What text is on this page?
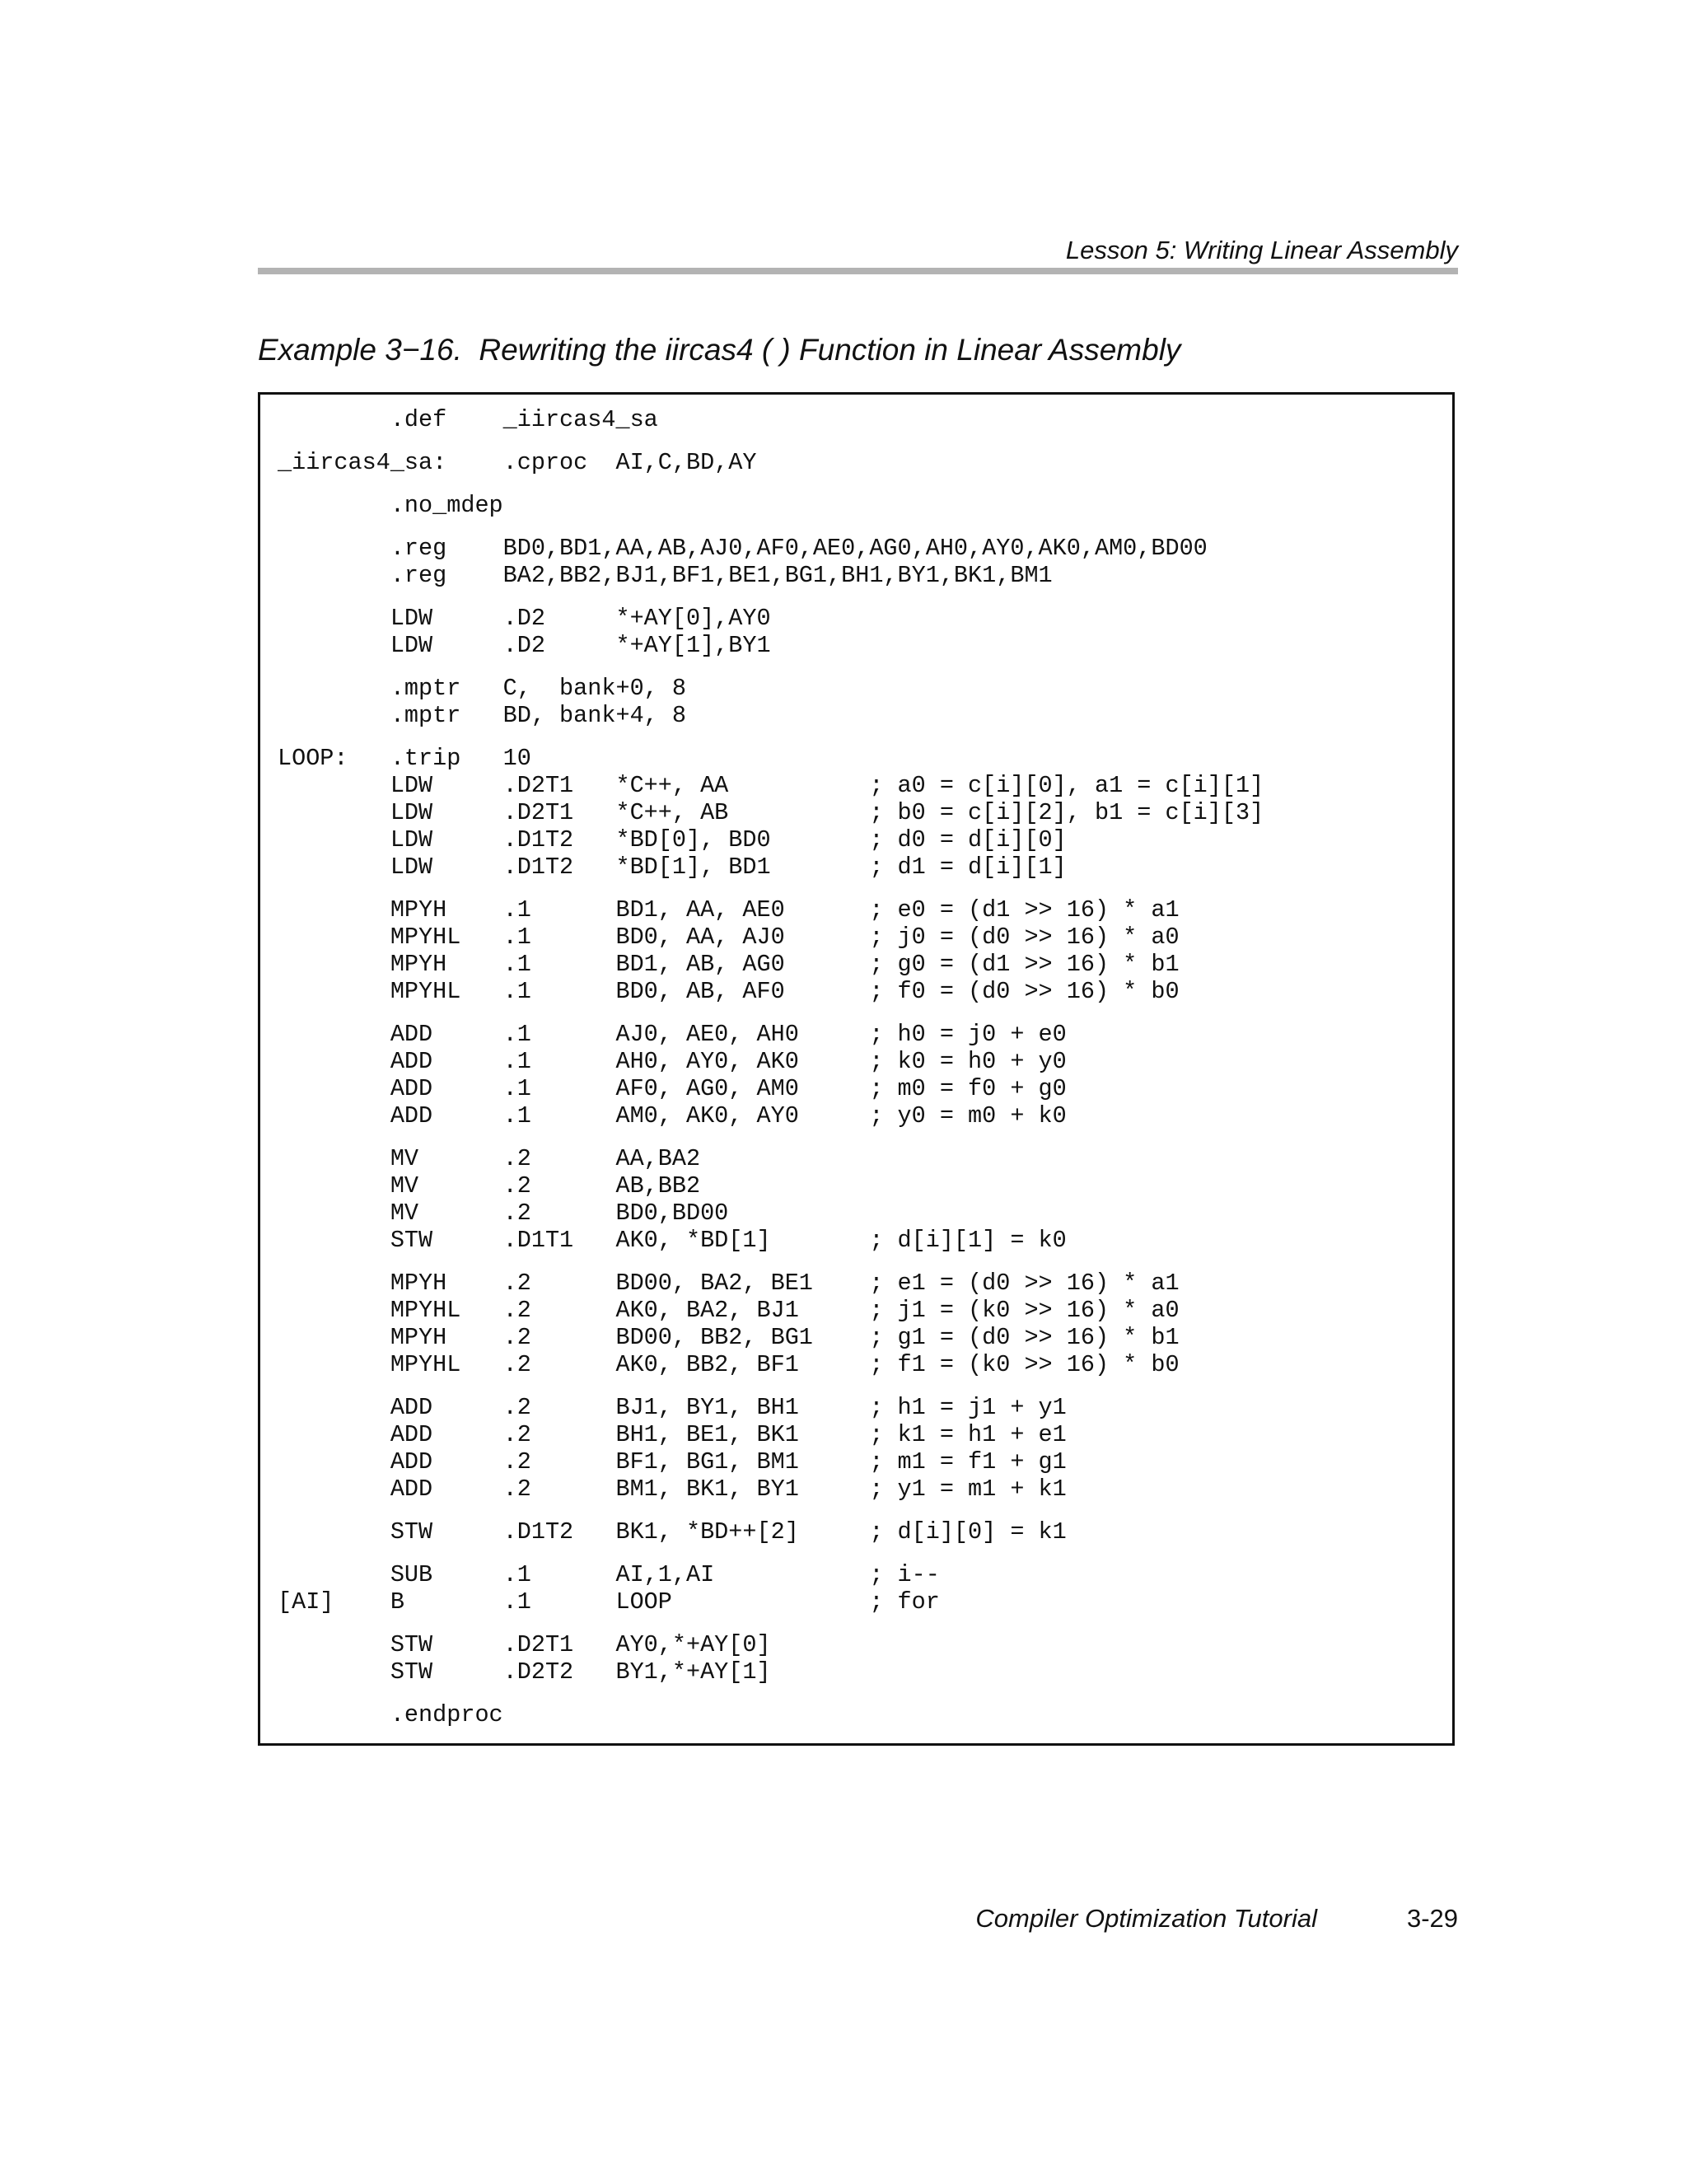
Lesson 5: Writing Linear Assembly
Example 3−16.  Rewriting the iircas4 ( ) Function in Linear Assembly
.def    _iircas4_sa
_iircas4_sa:    .cproc  AI,C,BD,AY
.no_mdep
.reg    BD0,BD1,AA,AB,AJ0,AF0,AE0,AG0,AH0,AY0,AK0,AM0,BD00
.reg    BA2,BB2,BJ1,BF1,BE1,BG1,BH1,BY1,BK1,BM1
LDW     .D2     *+AY[0],AY0
LDW     .D2     *+AY[1],BY1
.mptr   C,  bank+0, 8
.mptr   BD, bank+4, 8
LOOP:   .trip   10
LDW     .D2T1   *C++, AA          ; a0 = c[i][0], a1 = c[i][1]
LDW     .D2T1   *C++, AB          ; b0 = c[i][2], b1 = c[i][3]
LDW     .D1T2   *BD[0], BD0       ; d0 = d[i][0]
LDW     .D1T2   *BD[1], BD1       ; d1 = d[i][1]
MPYH    .1      BD1, AA, AE0      ; e0 = (d1 >> 16) * a1
MPYHL   .1      BD0, AA, AJ0      ; j0 = (d0 >> 16) * a0
MPYH    .1      BD1, AB, AG0      ; g0 = (d1 >> 16) * b1
MPYHL   .1      BD0, AB, AF0      ; f0 = (d0 >> 16) * b0
ADD     .1      AJ0, AE0, AH0     ; h0 = j0 + e0
ADD     .1      AH0, AY0, AK0     ; k0 = h0 + y0
ADD     .1      AF0, AG0, AM0     ; m0 = f0 + g0
ADD     .1      AM0, AK0, AY0     ; y0 = m0 + k0
MV      .2      AA,BA2
MV      .2      AB,BB2
MV      .2      BD0,BD00
STW     .D1T1   AK0, *BD[1]       ; d[i][1] = k0
MPYH    .2      BD00, BA2, BE1    ; e1 = (d0 >> 16) * a1
MPYHL   .2      AK0, BA2, BJ1     ; j1 = (k0 >> 16) * a0
MPYH    .2      BD00, BB2, BG1    ; g1 = (d0 >> 16) * b1
MPYHL   .2      AK0, BB2, BF1     ; f1 = (k0 >> 16) * b0
ADD     .2      BJ1, BY1, BH1     ; h1 = j1 + y1
ADD     .2      BH1, BE1, BK1     ; k1 = h1 + e1
ADD     .2      BF1, BG1, BM1     ; m1 = f1 + g1
ADD     .2      BM1, BK1, BY1     ; y1 = m1 + k1
STW     .D1T2   BK1, *BD++[2]     ; d[i][0] = k1
SUB     .1      AI,1,AI           ; i--
[AI]    B       .1      LOOP              ; for
STW     .D2T1   AY0,*+AY[0]
STW     .D2T2   BY1,*+AY[1]
.endproc
Compiler Optimization Tutorial	3-29
